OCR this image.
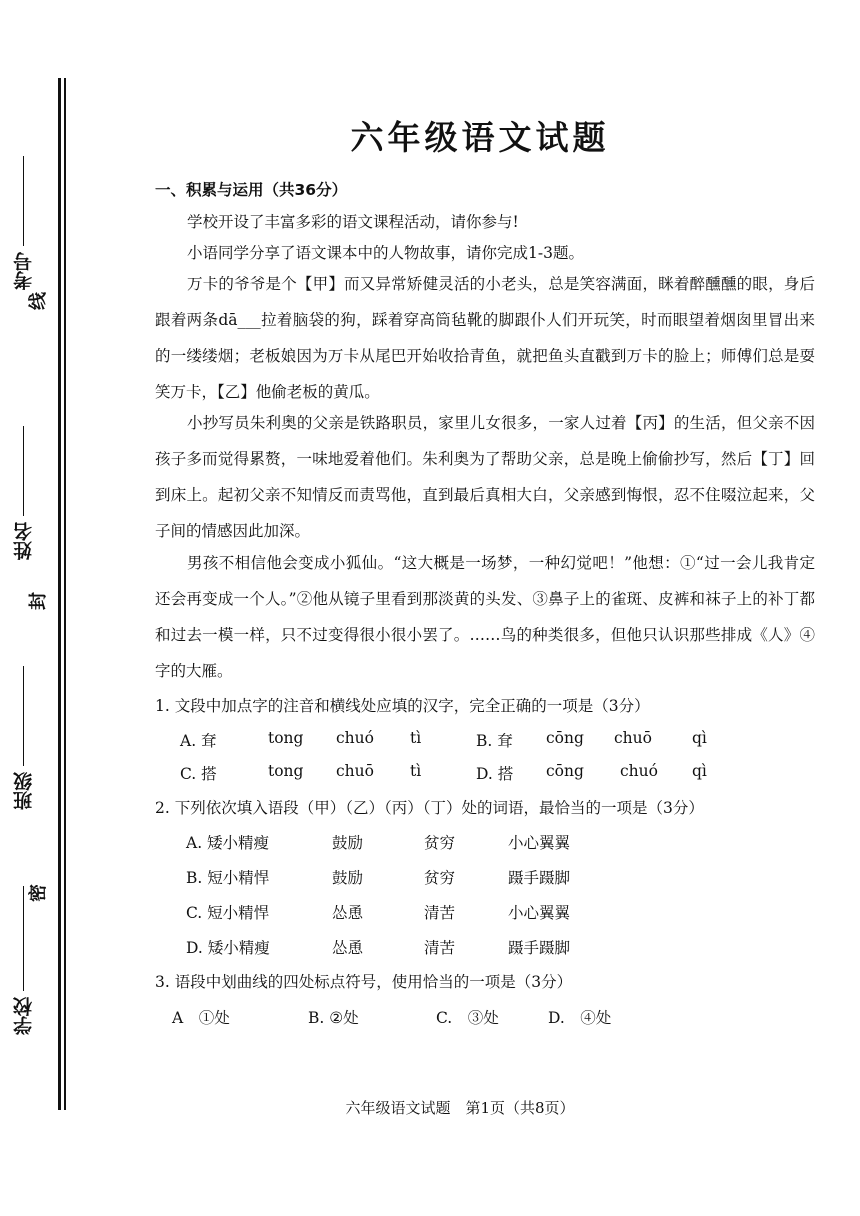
考号
姓名
班级
学校
线
封
密
六年级语文试题
一、积累与运用（共36分）
学校开设了丰富多彩的语文课程活动，请你参与!
小语同学分享了语文课本中的人物故事，请你完成1-3题。
万卡的爷爷是个【甲】而又异常矫健灵活的小老头，总是笑容满面，眯着醉醺醺的眼，身后跟着两条dā___拉着脑袋的狗，踩着穿高筒毡靴的脚跟仆人们开玩笑，时而眼望着烟囱里冒出来的一缕缕烟；老板娘因为万卡从尾巴开始收拾青鱼，就把鱼头直戳到万卡的脸上；师傅们总是耍笑万卡，【乙】他偷老板的黄瓜。
小抄写员朱利奥的父亲是铁路职员，家里儿女很多，一家人过着【丙】的生活，但父亲不因孩子多而觉得累赘，一味地爱着他们。朱利奥为了帮助父亲，总是晚上偷偷抄写，然后【丁】回到床上。起初父亲不知情反而责骂他，直到最后真相大白，父亲感到悔恨，忍不住啜泣起来，父子间的情感因此加深。
男孩不相信他会变成小狐仙。“这大概是一场梦，一种幻觉吧！”他想：①“过一会儿我肯定还会再变成一个人。”②他从镜子里看到那淡黄的头发、③鼻子上的雀斑、皮裤和袜子上的补丁都和过去一模一样，只不过变得很小很小罢了。……鸟的种类很多，但他只认识那些排成《人》④字的大雁。
1. 文段中加点字的注音和横线处应填的汉字，完全正确的一项是（3分）
A. 耷	tong chuó tì	B. 耷 cōng chuō	qì
C. 搭	tong chuō tì	D. 搭 cōng chuó qì
2. 下列依次填入语段（甲）（乙）（丙）（丁）处的词语，最恰当的一项是（3分）
A. 矮小精瘦	鼓励	贫穷	小心翼翼
B. 短小精悍	鼓励	贫穷	蹑手蹑脚
C. 短小精悍	怂恿	清苦	小心翼翼
D. 矮小精瘦	怂恿	清苦	蹑手蹑脚
3. 语段中划曲线的四处标点符号，使用恰当的一项是（3分）
A　①处	B. ②处	C.　③处	D.　④处
六年级语文试题　第1页（共8页）
